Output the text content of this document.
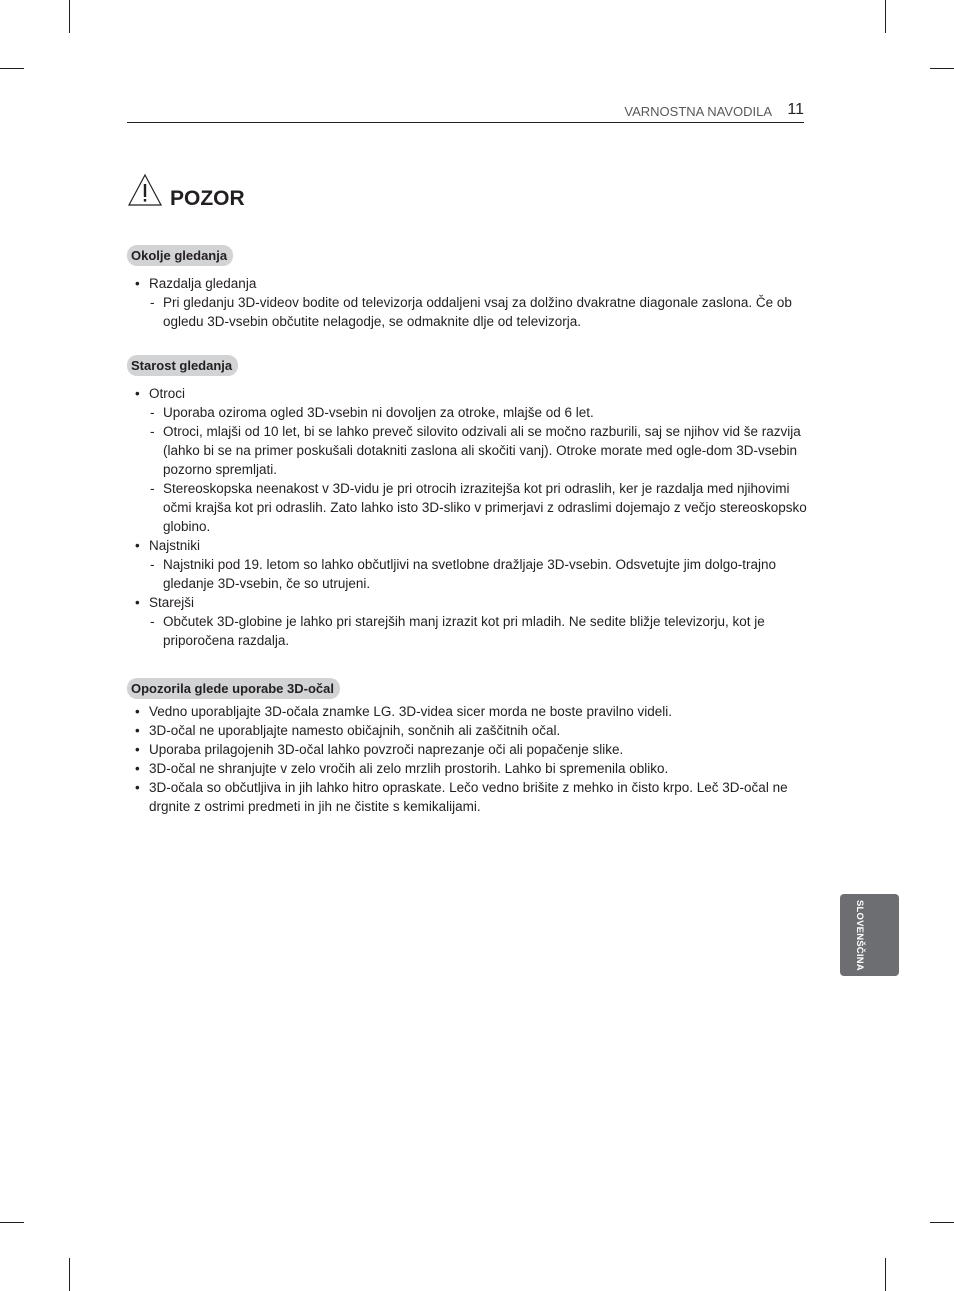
VARNOSTNA NAVODILA 11
POZOR
Okolje gledanja
• Razdalja gledanja
- Pri gledanju 3D-videov bodite od televizorja oddaljeni vsaj za dolžino dvakratne diagonale zaslona. Če ob ogledu 3D-vsebin občutite nelagodje, se odmaknite dlje od televizorja.
Starost gledanja
• Otroci
- Uporaba oziroma ogled 3D-vsebin ni dovoljen za otroke, mlajše od 6 let.
- Otroci, mlajši od 10 let, bi se lahko preveč silovito odzivali ali se močno razburili, saj se njihov vid še razvija (lahko bi se na primer poskušali dotakniti zaslona ali skočiti vanj). Otroke morate med ogle-dom 3D-vsebin pozorno spremljati.
- Stereoskopska neenakost v 3D-vidu je pri otrocih izrazitejša kot pri odraslih, ker je razdalja med njihovimi očmi krajša kot pri odraslih. Zato lahko isto 3D-sliko v primerjavi z odraslimi dojemajo z večjo stereoskopsko globino.
• Najstniki
- Najstniki pod 19. letom so lahko občutljivi na svetlobne dražljaje 3D-vsebin. Odsvetujte jim dolgo-trajno gledanje 3D-vsebin, če so utrujeni.
• Starejši
- Občutek 3D-globine je lahko pri starejših manj izrazit kot pri mladih. Ne sedite bližje televizorju, kot je priporočena razdalja.
Opozorila glede uporabe 3D-očal
• Vedno uporabljajte 3D-očala znamke LG. 3D-videa sicer morda ne boste pravilno videli.
• 3D-očal ne uporabljajte namesto običajnih, sončnih ali zaščitnih očal.
• Uporaba prilagojenih 3D-očal lahko povzroči naprezanje oči ali popačenje slike.
• 3D-očal ne shranjujte v zelo vročih ali zelo mrzlih prostorih. Lahko bi spremenila obliko.
• 3D-očala so občutljiva in jih lahko hitro opraskate. Lečo vedno brišite z mehko in čisto krpo. Leč 3D-očal ne drgnite z ostrimi predmeti in jih ne čistite s kemikalijami.
SLOVENŠČINA
